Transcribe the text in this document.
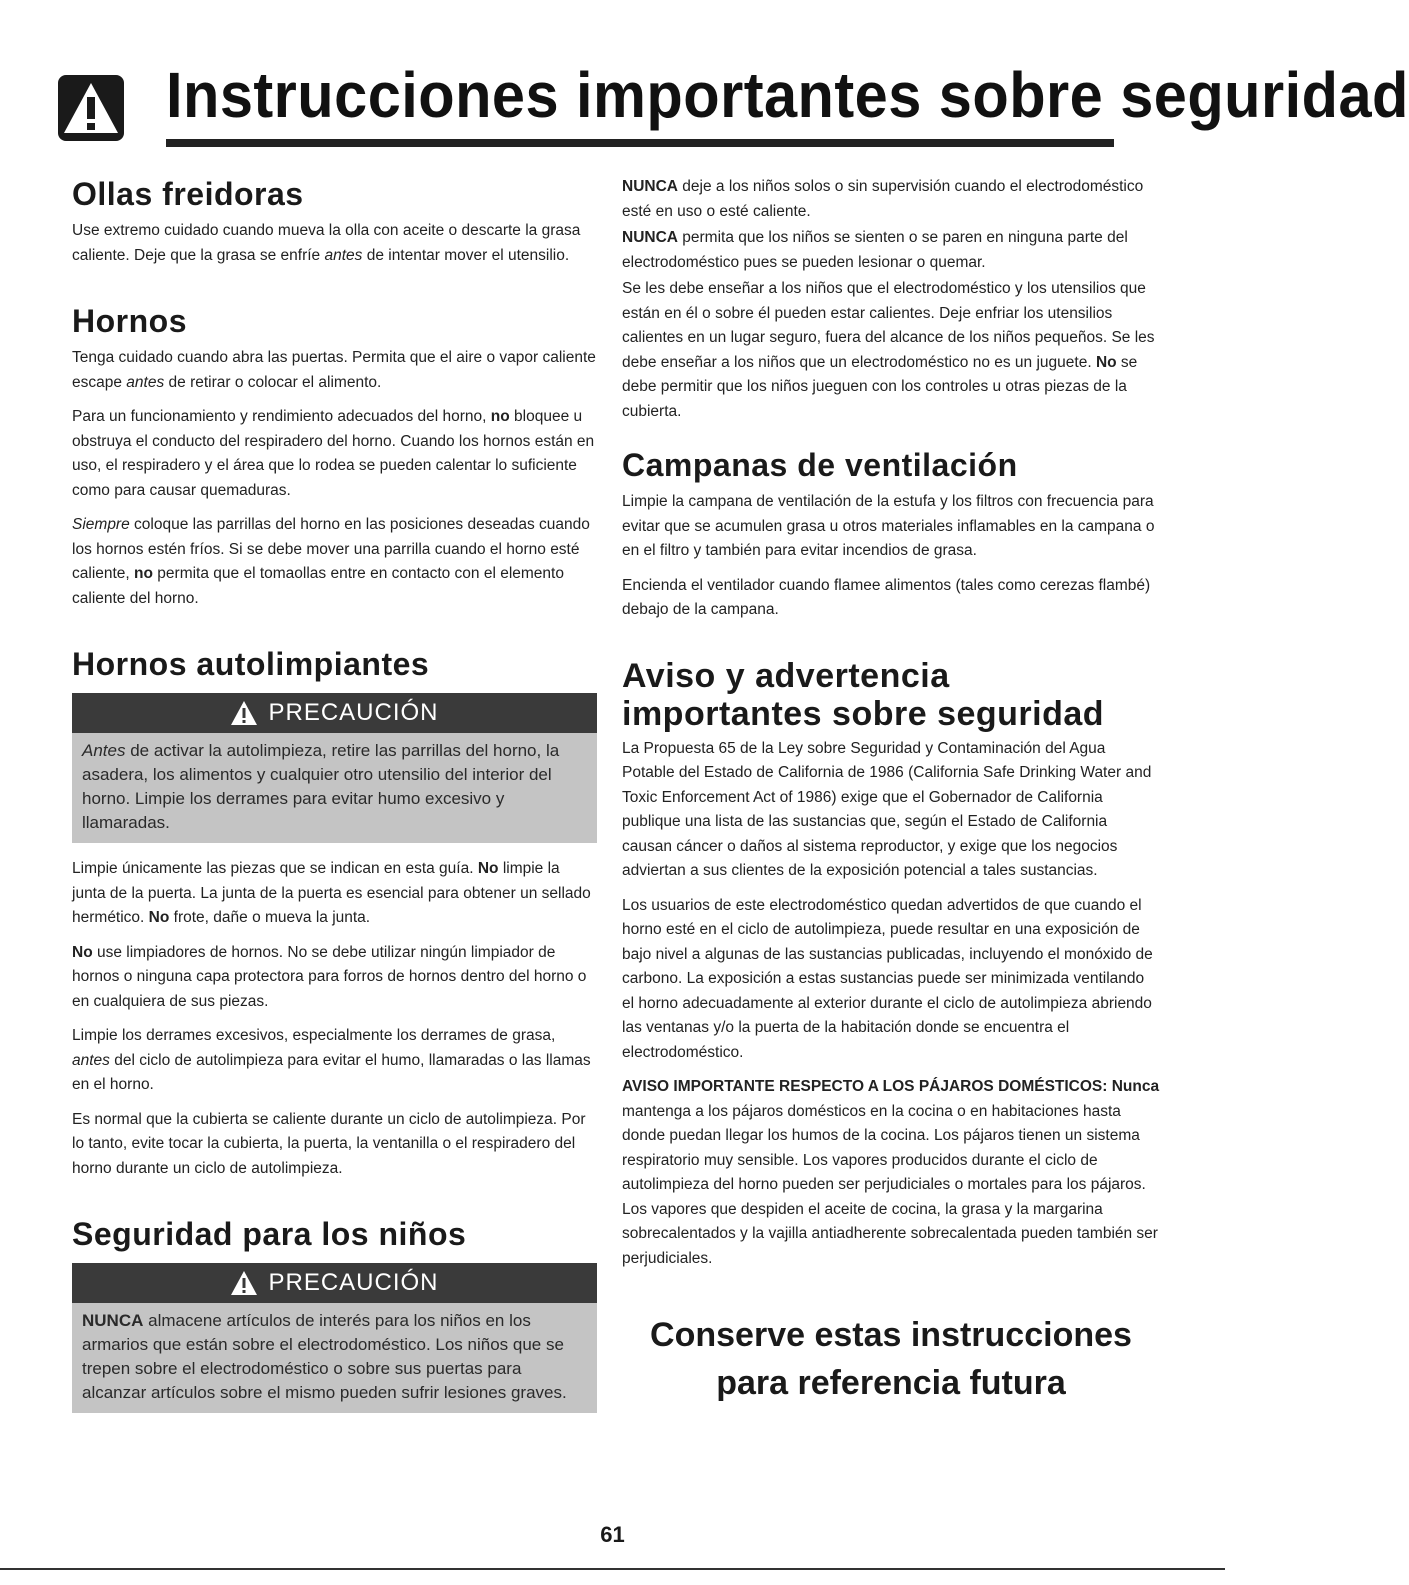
Instrucciones importantes sobre seguridad
Ollas freidoras

Use extremo cuidado cuando mueva la olla con aceite o descarte la grasa caliente. Deje que la grasa se enfríe antes de intentar mover el utensilio.

Hornos

Tenga cuidado cuando abra las puertas. Permita que el aire o vapor caliente escape antes de retirar o colocar el alimento.

Para un funcionamiento y rendimiento adecuados del horno, no bloquee u obstruya el conducto del respiradero del horno. Cuando los hornos están en uso, el respiradero y el área que lo rodea se pueden calentar lo suficiente como para causar quemaduras.

Siempre coloque las parrillas del horno en las posiciones deseadas cuando los hornos estén fríos. Si se debe mover una parrilla cuando el horno esté caliente, no permita que el tomaollas entre en contacto con el elemento caliente del horno.

Hornos autolimpiantes
PRECAUCIÓN
Antes de activar la autolimpieza, retire las parrillas del horno, la asadera, los alimentos y cualquier otro utensilio del interior del horno. Limpie los derrames para evitar humo excesivo y llamaradas.

Limpie únicamente las piezas que se indican en esta guía. No limpie la junta de la puerta. La junta de la puerta es esencial para obtener un sellado hermético. No frote, dañe o mueva la junta.

No use limpiadores de hornos. No se debe utilizar ningún limpiador de hornos o ninguna capa protectora para forros de hornos dentro del horno o en cualquiera de sus piezas.

Limpie los derrames excesivos, especialmente los derrames de grasa, antes del ciclo de autolimpieza para evitar el humo, llamaradas o las llamas en el horno.

Es normal que la cubierta se caliente durante un ciclo de autolimpieza. Por lo tanto, evite tocar la cubierta, la puerta, la ventanilla o el respiradero del horno durante un ciclo de autolimpieza.

Seguridad para los niños
PRECAUCIÓN
NUNCA almacene artículos de interés para los niños en los armarios que están sobre el electrodoméstico. Los niños que se trepen sobre el electrodoméstico o sobre sus puertas para alcanzar artículos sobre el mismo pueden sufrir lesiones graves.

NUNCA deje a los niños solos o sin supervisión cuando el electrodoméstico esté en uso o esté caliente.

NUNCA permita que los niños se sienten o se paren en ninguna parte del electrodoméstico pues se pueden lesionar o quemar.

Se les debe enseñar a los niños que el electrodoméstico y los utensilios que están en él o sobre él pueden estar calientes. Deje enfriar los utensilios calientes en un lugar seguro, fuera del alcance de los niños pequeños. Se les debe enseñar a los niños que un electrodoméstico no es un juguete. No se debe permitir que los niños jueguen con los controles u otras piezas de la cubierta.

Campanas de ventilación

Limpie la campana de ventilación de la estufa y los filtros con frecuencia para evitar que se acumulen grasa u otros materiales inflamables en la campana o en el filtro y también para evitar incendios de grasa.

Encienda el ventilador cuando flamee alimentos (tales como cerezas flambé) debajo de la campana.

Aviso y advertencia
importantes sobre seguridad

La Propuesta 65 de la Ley sobre Seguridad y Contaminación del Agua Potable del Estado de California de 1986 (California Safe Drinking Water and Toxic Enforcement Act of 1986) exige que el Gobernador de California publique una lista de las sustancias que, según el Estado de California causan cáncer o daños al sistema reproductor, y exige que los negocios adviertan a sus clientes de la exposición potencial a tales sustancias.

Los usuarios de este electrodoméstico quedan advertidos de que cuando el horno esté en el ciclo de autolimpieza, puede resultar en una exposición de bajo nivel a algunas de las sustancias publicadas, incluyendo el monóxido de carbono. La exposición a estas sustancias puede ser minimizada ventilando el horno adecuadamente al exterior durante el ciclo de autolimpieza abriendo las ventanas y/o la puerta de la habitación donde se encuentra el electrodoméstico.

AVISO IMPORTANTE RESPECTO A LOS PÁJAROS DOMÉSTICOS: Nunca mantenga a los pájaros domésticos en la cocina o en habitaciones hasta donde puedan llegar los humos de la cocina. Los pájaros tienen un sistema respiratorio muy sensible. Los vapores producidos durante el ciclo de autolimpieza del horno pueden ser perjudiciales o mortales para los pájaros. Los vapores que despiden el aceite de cocina, la grasa y la margarina sobrecalentados y la vajilla antiadherente sobrecalentada pueden también ser perjudiciales.

Conserve estas instrucciones
para referencia futura
61
